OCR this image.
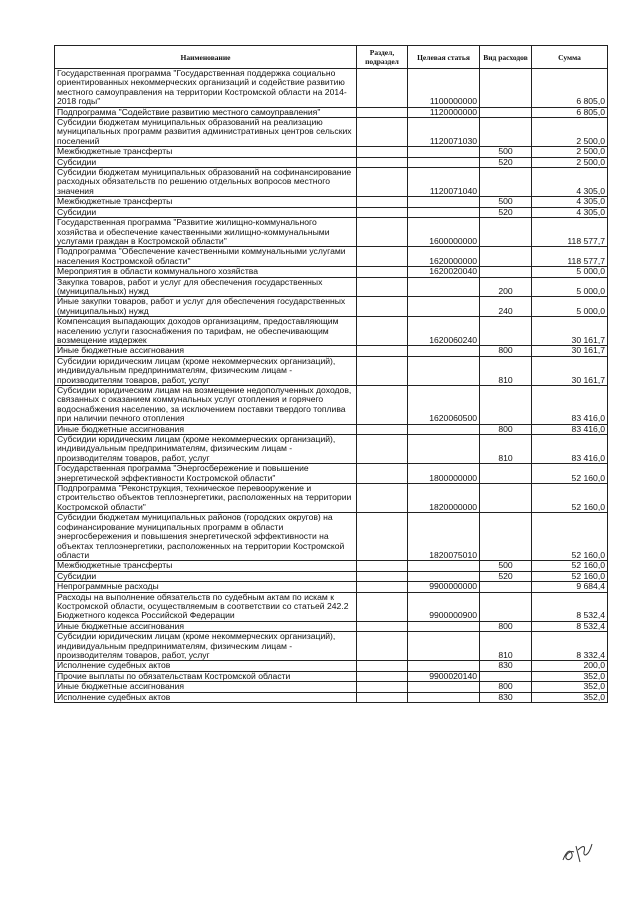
Наименование	Раздел, подраздел	Целевая статья	Вид расходов	Сумма
Государственная программа "Государственная поддержка социально ориентированных некоммерческих организаций и содействие развитию местного самоуправления на территории Костромской области на 2014-2018 годы"		1100000000		6 805,0
Подпрограмма "Содействие развитию местного самоуправления"		1120000000		6 805,0
Субсидии бюджетам муниципальных образований на реализацию муниципальных программ развития административных центров сельских поселений		1120071030		2 500,0
Межбюджетные трансферты			500	2 500,0
Субсидии			520	2 500,0
Субсидии бюджетам муниципальных образований на софинансирование расходных обязательств по решению отдельных вопросов местного значения		1120071040		4 305,0
Межбюджетные трансферты			500	4 305,0
Субсидии			520	4 305,0
Государственная программа "Развитие жилищно-коммунального хозяйства и обеспечение качественными жилищно-коммунальными услугами граждан в Костромской области"		1600000000		118 577,7
Подпрограмма "Обеспечение качественными коммунальными услугами населения Костромской области"		1620000000		118 577,7
Мероприятия в области коммунального хозяйства		1620020040		5 000,0
Закупка товаров, работ и услуг для обеспечения государственных (муниципальных) нужд			200	5 000,0
Иные закупки товаров, работ и услуг для обеспечения государственных (муниципальных) нужд			240	5 000,0
Компенсация выпадающих доходов организациям, предоставляющим населению услуги газоснабжения по тарифам, не обеспечивающим возмещение издержек		1620060240		30 161,7
Иные бюджетные ассигнования			800	30 161,7
Субсидии юридическим лицам (кроме некоммерческих организаций), индивидуальным предпринимателям, физическим лицам - производителям товаров, работ, услуг			810	30 161,7
Субсидии юридическим лицам на возмещение недополученных доходов, связанных с оказанием коммунальных услуг отопления и горячего водоснабжения населению, за исключением поставки твердого топлива при наличии печного отопления		1620060500		83 416,0
Иные бюджетные ассигнования			800	83 416,0
Субсидии юридическим лицам (кроме некоммерческих организаций), индивидуальным предпринимателям, физическим лицам - производителям товаров, работ, услуг			810	83 416,0
Государственная программа "Энергосбережение и повышение энергетической эффективности Костромской области"		1800000000		52 160,0
Подпрограмма "Реконструкция, техническое перевооружение и строительство объектов теплоэнергетики, расположенных на территории Костромской области"		1820000000		52 160,0
Субсидии бюджетам муниципальных районов (городских округов) на софинансирование муниципальных программ в области энергосбережения и повышения энергетической эффективности на объектах теплоэнергетики, расположенных на территории Костромской области		1820075010		52 160,0
Межбюджетные трансферты			500	52 160,0
Субсидии			520	52 160,0
Непрограммные расходы		9900000000		9 684,4
Расходы на выполнение обязательств по судебным актам по искам к Костромской области, осуществляемым в соответствии со статьей 242.2 Бюджетного кодекса Российской Федерации		9900000900		8 532,4
Иные бюджетные ассигнования			800	8 532,4
Субсидии юридическим лицам (кроме некоммерческих организаций), индивидуальным предпринимателям, физическим лицам - производителям товаров, работ, услуг			810	8 332,4
Исполнение судебных актов			830	200,0
Прочие выплаты по обязательствам Костромской области		9900020140		352,0
Иные бюджетные ассигнования			800	352,0
Исполнение судебных актов			830	352,0
